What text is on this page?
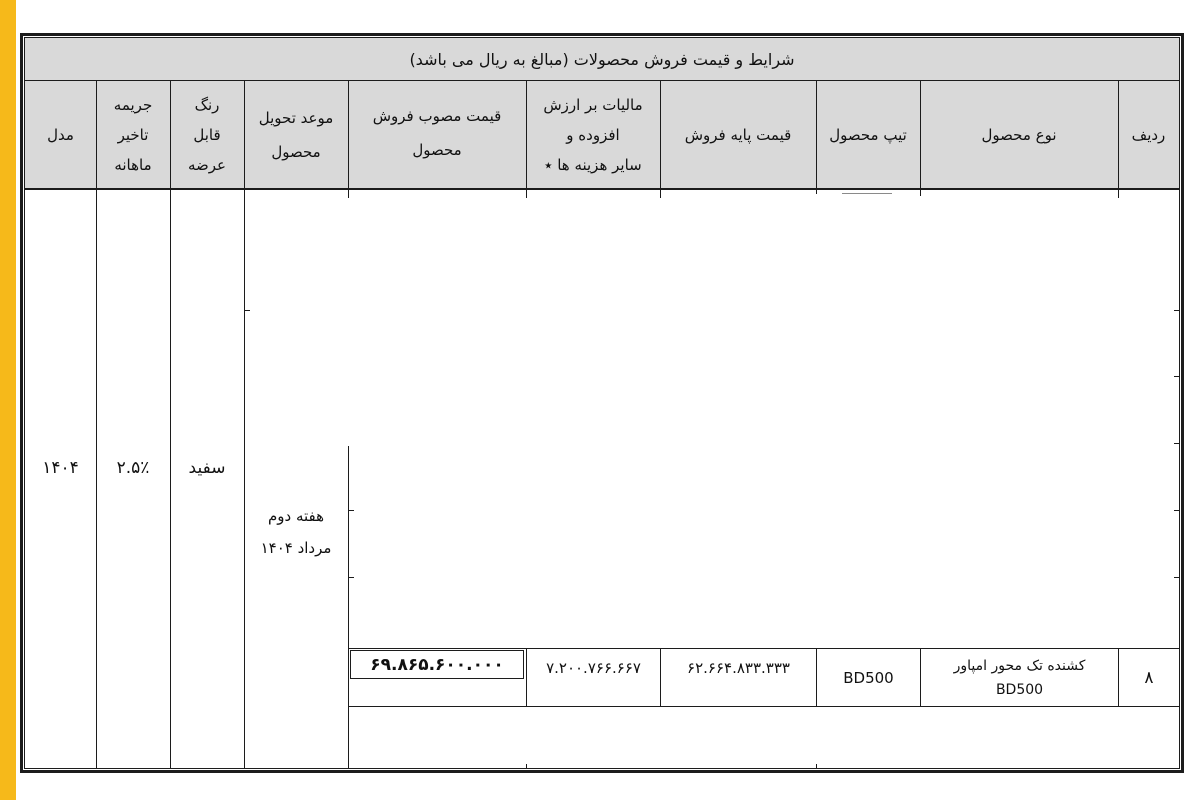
شرایط و قیمت فروش محصولات (مبالغ به ریال می باشد)
ردیف
نوع محصول
تیپ محصول
قیمت پایه فروش
مالیات بر ارزش
افزوده و
سایر هزینه ها ٭
قیمت مصوب فروش
محصول
موعد تحویل
محصول
رنگ
قابل
عرضه
جریمه
تاخیر
ماهانه
مدل
۱۴۰۴ ۲.۵٪ سفید
هفته دوم
مرداد ۱۴۰۴
۶۹.۸۶۵.۶۰۰.۰۰۰	۷.۲۰۰.۷۶۶.۶۶۷	۶۲.۶۶۴.۸۳۳.۳۳۳
BD500
کشنده تک محور امپاور
BD500
۸
